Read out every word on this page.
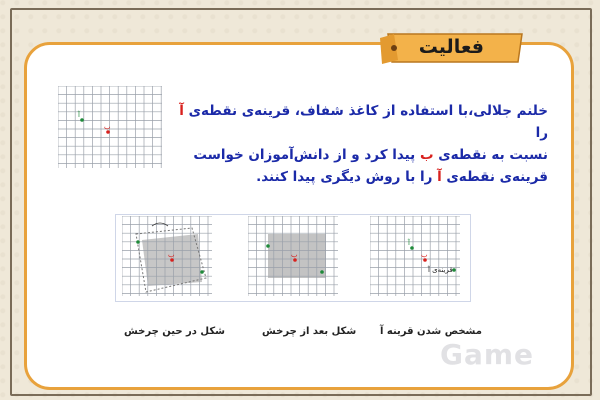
فعالیت
آ
ب
خلنم جلالی،با استفاده از کاغذ شفاف، قرینه‌ی نقطه‌ی آ را
نسبت به نقطه‌ی ب پیدا کرد و از دانش‌آموزان خواست
قرینه‌ی نقطه‌ی آ را با روش دیگری پیدا کنند.
ب	ب
آ
ب
قرینه‌ی آ
شکل در حین چرخش	شکل بعد از چرخش مشخص شدن قرینه آ
Game
